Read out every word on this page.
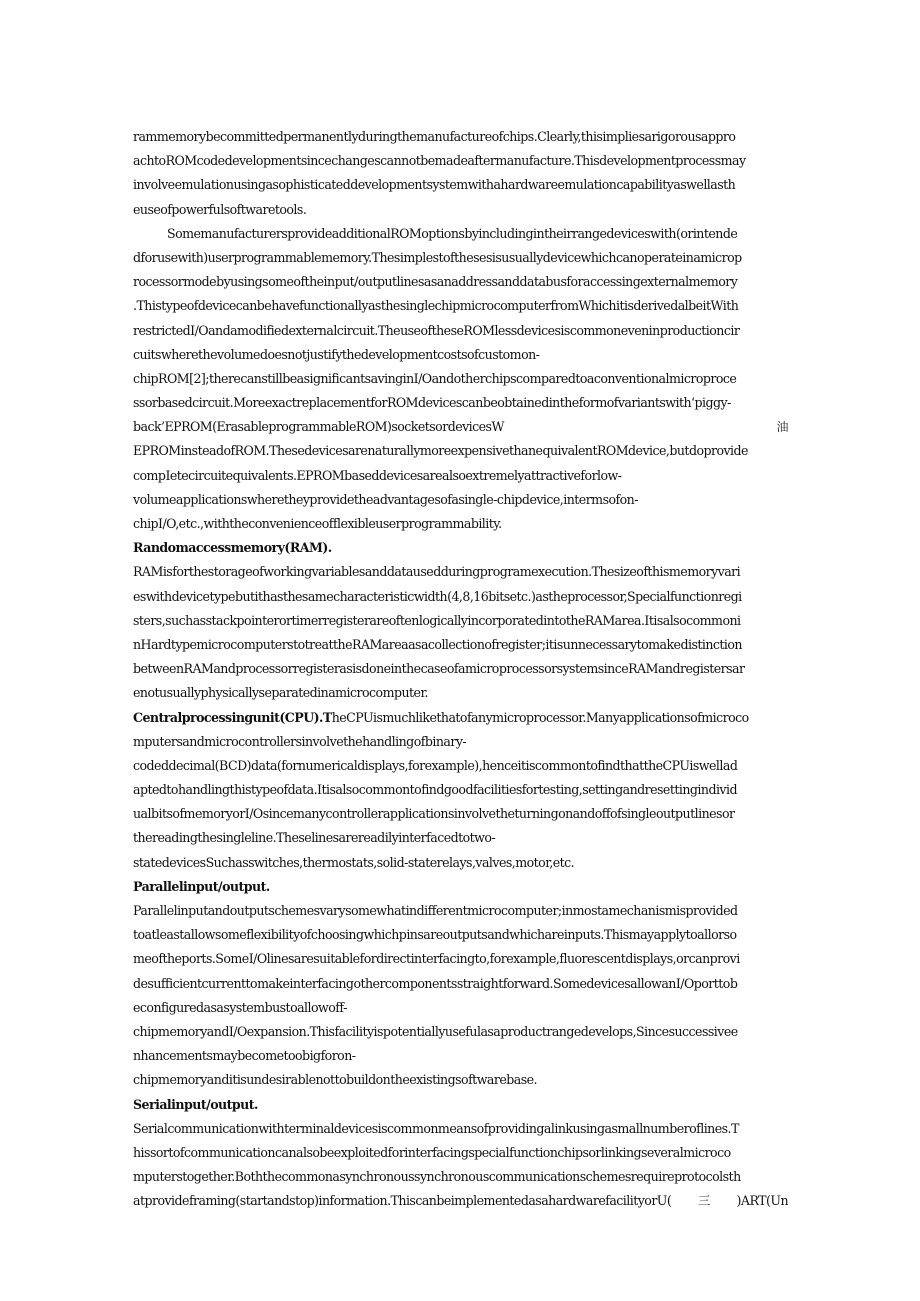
rammemorybecommittedpermanentlyduringthemanufactureofchips.Clearly,thisimpliesarigorousappro
achtoROMcodedevelopmentsincechangescannotbemadeaftermanufacture.Thisdevelopmentprocessmay
involveemulationusingasophisticateddevelopmentsystemwithahardwareemulationcapabilityaswellasth
euseofpowerfulsoftwaretools.
SomemanufacturersprovideadditionalROMoptionsbyincludingintheirrangedeviceswith(orintende
dforusewith)userprogrammablememory.Thesimplestofthesesisusuallydevicewhichcanoperateinamicrop
rocessormodebyusingsomeoftheinput/outputlinesasanaddressanddatabusforaccessingexternalmemory
.ThistypeofdevicecanbehavefunctionallyasthesinglechipmicrocomputerfromWhichitisderivedalbeitWith
restrictedI/Oandamodifiedexternalcircuit.TheuseoftheseROMlessdevicesiscommoneveninproductioncir
cuitswherethevolumedoesnotjustifythedevelopmentcostsofcustomon-
chipROM[2];therecanstillbeasignificantsavinginI/Oandotherchipscomparedtoaconventionalmicroproce
ssorbasedcircuit.MoreexactreplacementforROMdevicescanbeobtainedintheformofvariantswith‘piggy-
back’EPROM(ErasableprogrammableROM)socketsordevicesW	油
EPROMinsteadofROM.ThesedevicesarenaturallymoreexpensivethanequivalentROMdevice,butdoprovide
compIetecircuitequivalents.EPROMbaseddevicesarealsoextremelyattractiveforlow-
volumeapplicationswheretheyprovidetheadvantagesofasingle-chipdevice,intermsofon-
chipI/O,etc.,withtheconvenienceofflexibleuserprogrammability.
Randomaccessmemory(RAM).
RAMisforthestorageofworkingvariablesanddatausedduringprogramexecution.Thesizeofthismemoryvari
eswithdevicetypebutithasthesamecharacteristicwidth(4,8,16bitsetc.)astheprocessor,Specialfunctionregi
sters,suchasstackpointerortimerregisterareoftenlogicallyincorporatedintotheRAMarea.Itisalsocommoni
nHardtypemicrocomputerstotreattheRAMareaasacollectionofregister;itisunnecessarytomakedistinction
betweenRAMandprocessorregisterasisdoneinthecaseofamicroprocessorsystemsinceRAMandregistersar
enotusuallyphysicallyseparatedinamicrocomputer.
Centralprocessingunit(CPU).TheCPUismuchlikethatofanymicroprocessor.Manyapplicationsofmicroco
mputersandmicrocontrollersinvolvethehandlingofbinary-
codeddecimal(BCD)data(fornumericaldisplays,forexample),henceitiscommontofindthattheCPUiswellad
aptedtohandlingthistypeofdata.Itisalsocommontofindgoodfacilitiesfortesting,settingandresettingindivid
ualbitsofmemoryorI/Osincemanycontrollerapplicationsinvolvetheturningonandoffofsingleoutputlinesor
thereadingthesingleline.Theselinesarereadilyinterfacedtotwo-
statedevicesSuchasswitches,thermostats,solid-staterelays,valves,motor,etc.
Parallelinput/output.
Parallelinputandoutputschemesvarysomewhatindifferentmicrocomputer;inmostamechanismisprovided
toatleastallowsomeflexibilityofchoosingwhichpinsareoutputsandwhichareinputs.Thismayapplytoallorso
meoftheports.SomeI/Olinesaresuitablefordirectinterfacingto,forexample,fluorescentdisplays,orcanprovi
desufficientcurrenttomakeinterfacingothercomponentsstraightforward.SomedevicesallowanI/Oporttob
econfiguredasasystembustoallowoff-
chipmemoryandI/Oexpansion.Thisfacilityispotentiallyusefulasaproductrangedevelops,Sincesuccessivee
nhancementsmaybecometoobigforon-
chipmemoryanditisundesirablenottobuildontheexistingsoftwarebase.
Serialinput/output.
Serialcommunicationwithterminaldevicesiscommonmeansofprovidingalinkusingasmallnumberoflines.T
hissortofcommunicationcanalsobeexploitedforinterfacingspecialfunctionchipsorlinkingseveralmicroco
mputerstogether.Boththecommonasynchronoussynchronouscommunicationschemesrequireprotocolsth
atprovideframing(startandstop)information.ThiscanbeimplementedasahardwarefacilityorU(三)ART(Un
